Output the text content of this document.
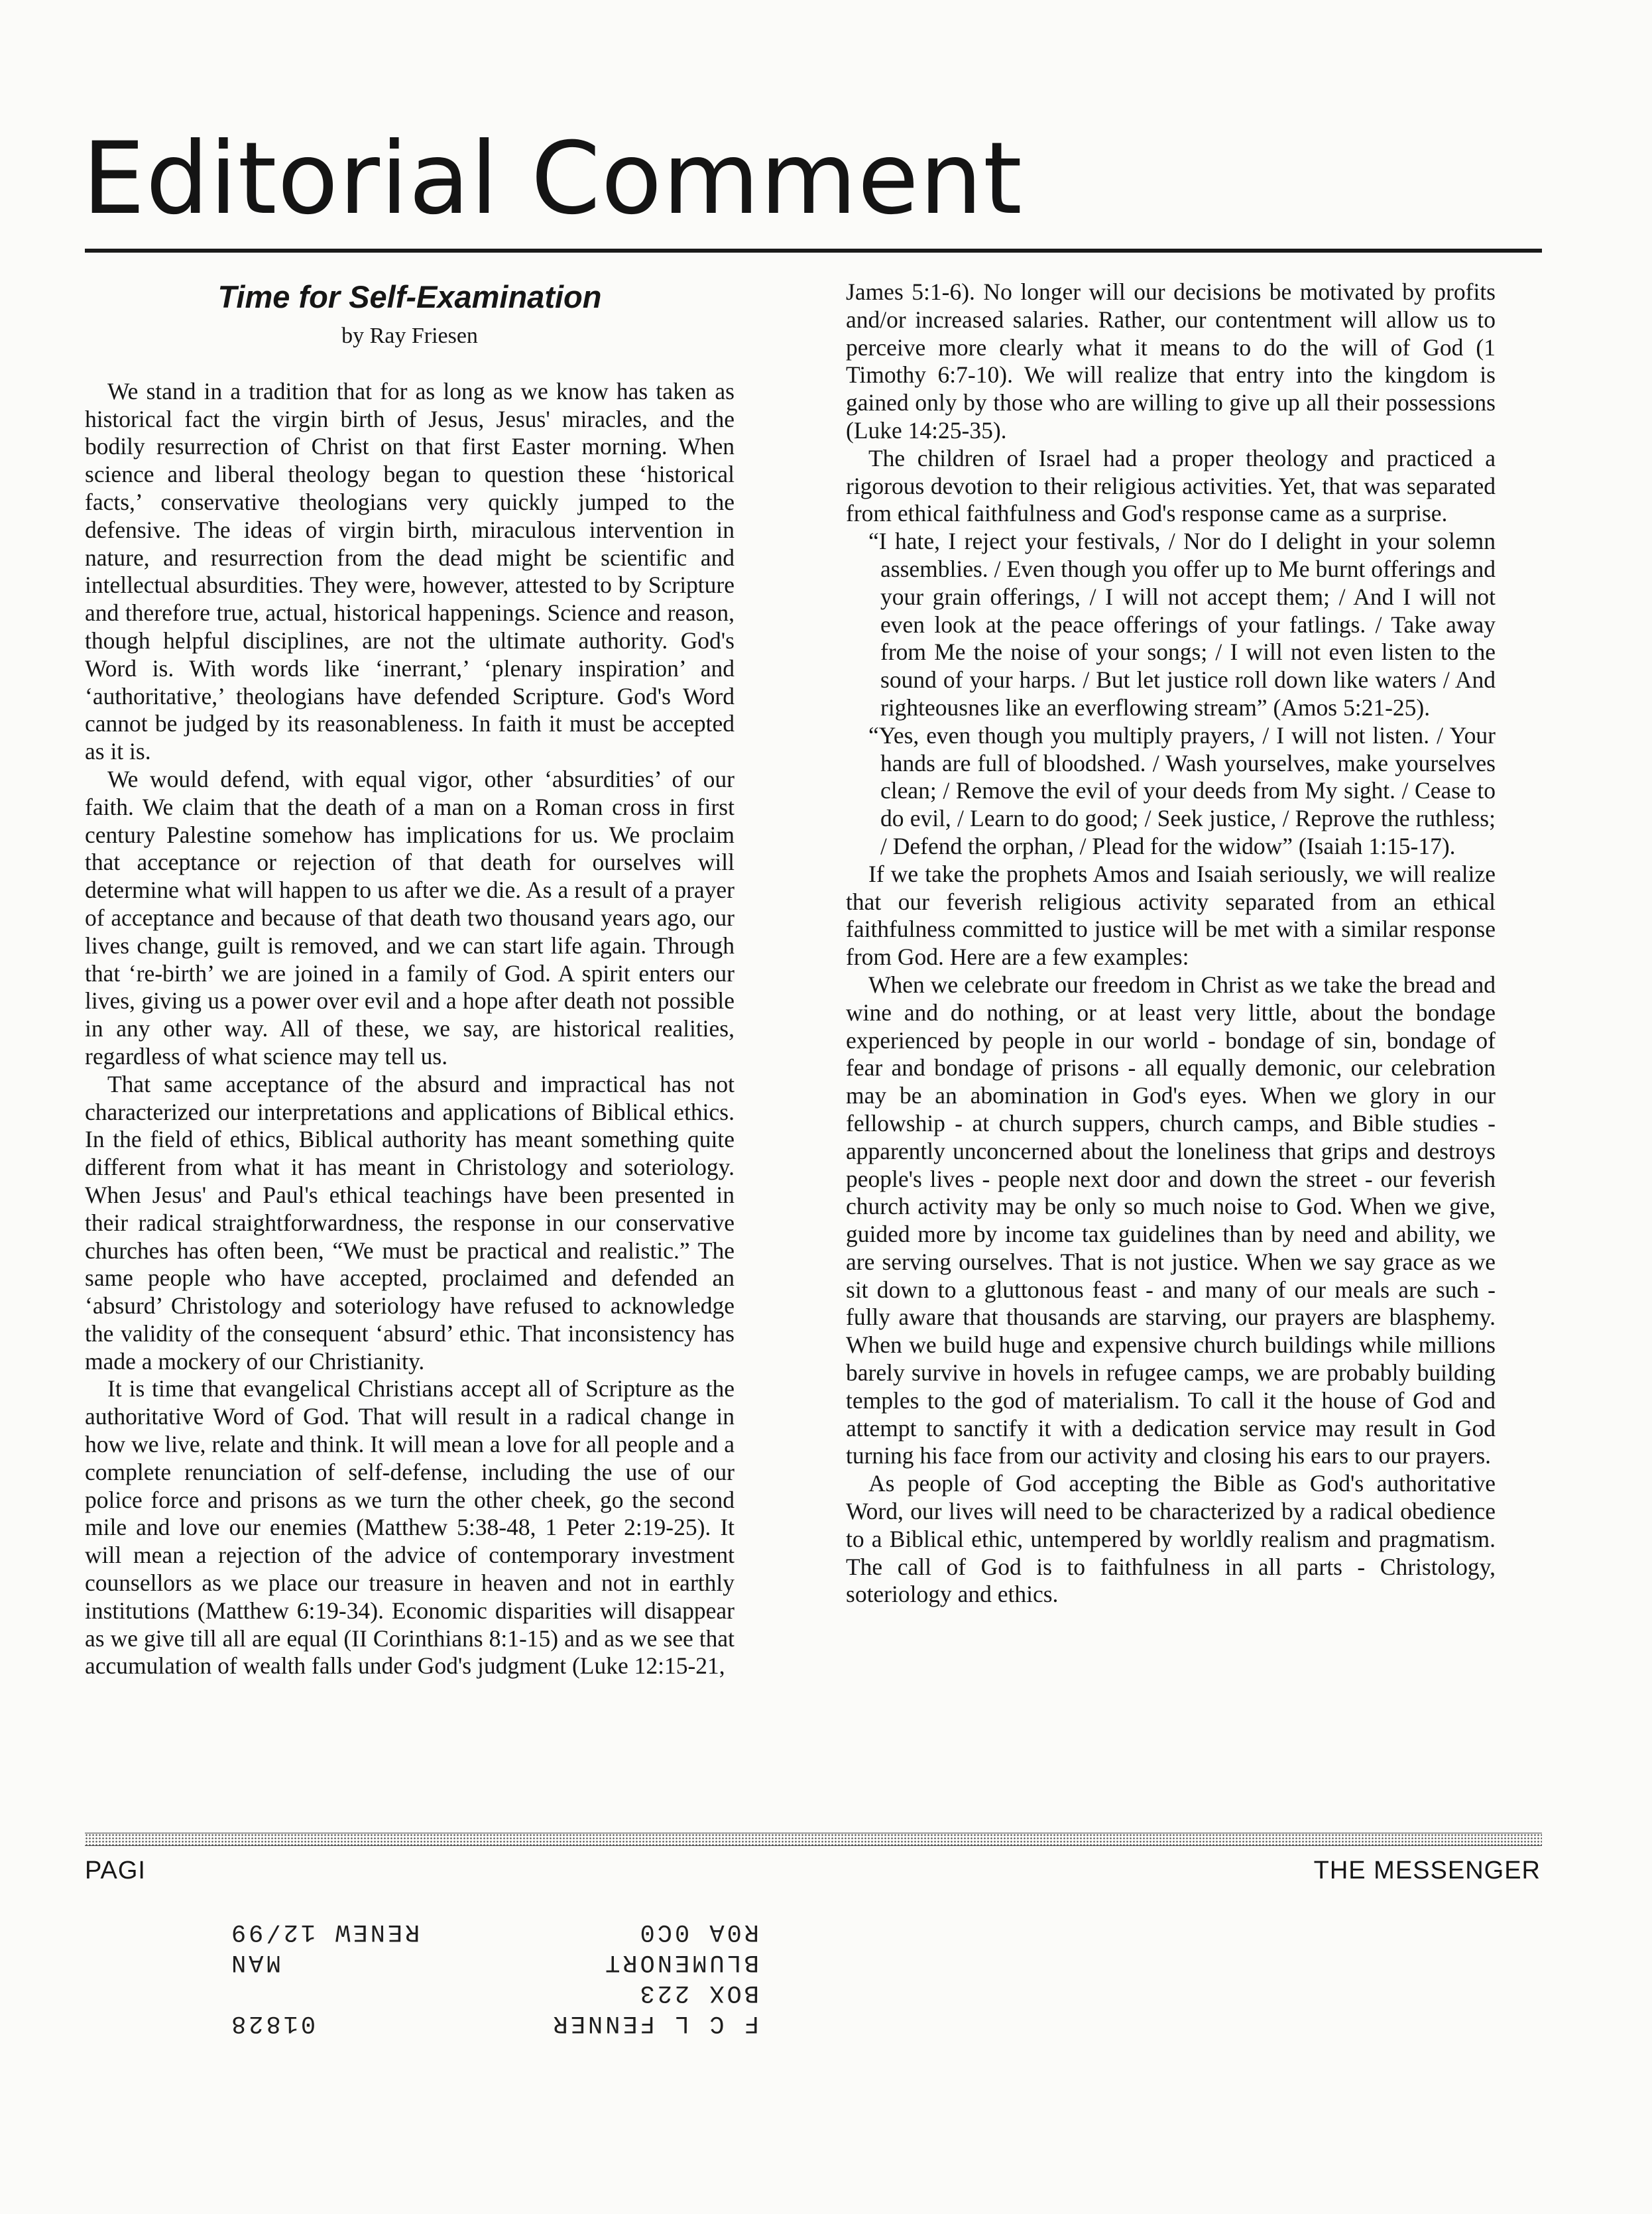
Editorial Comment
Time for Self-Examination
by Ray Friesen

We stand in a tradition that for as long as we know has taken as historical fact the virgin birth of Jesus, Jesus' miracles, and the bodily resurrection of Christ on that first Easter morning. When science and liberal theology began to question these ‘historical facts,’ conservative theologians very quickly jumped to the defensive. The ideas of virgin birth, miraculous intervention in nature, and resurrection from the dead might be scientific and intellectual absurdities. They were, however, attested to by Scripture and therefore true, actual, historical happenings. Science and reason, though helpful disciplines, are not the ultimate authority. God's Word is. With words like ‘inerrant,’ ‘plenary inspiration’ and ‘authoritative,’ theologians have defended Scripture. God's Word cannot be judged by its reasonableness. In faith it must be accepted as it is.

We would defend, with equal vigor, other ‘absurdities’ of our faith. We claim that the death of a man on a Roman cross in first century Palestine somehow has implications for us. We proclaim that acceptance or rejection of that death for ourselves will determine what will happen to us after we die. As a result of a prayer of acceptance and because of that death two thousand years ago, our lives change, guilt is removed, and we can start life again. Through that ‘re-birth’ we are joined in a family of God. A spirit enters our lives, giving us a power over evil and a hope after death not possible in any other way. All of these, we say, are historical realities, regardless of what science may tell us.

That same acceptance of the absurd and impractical has not characterized our interpretations and applications of Biblical ethics. In the field of ethics, Biblical authority has meant something quite different from what it has meant in Christology and soteriology. When Jesus' and Paul's ethical teachings have been presented in their radical straightforwardness, the response in our conservative churches has often been, “We must be practical and realistic.” The same people who have accepted, proclaimed and defended an ‘absurd’ Christology and soteriology have refused to acknowledge the validity of the consequent ‘absurd’ ethic. That inconsistency has made a mockery of our Christianity.

It is time that evangelical Christians accept all of Scripture as the authoritative Word of God. That will result in a radical change in how we live, relate and think. It will mean a love for all people and a complete renunciation of self-defense, including the use of our police force and prisons as we turn the other cheek, go the second mile and love our enemies (Matthew 5:38-48, 1 Peter 2:19-25). It will mean a rejection of the advice of contemporary investment counsellors as we place our treasure in heaven and not in earthly institutions (Matthew 6:19-34). Economic disparities will disappear as we give till all are equal (II Corinthians 8:1-15) and as we see that accumulation of wealth falls under God's judgment (Luke 12:15-21,

James 5:1-6). No longer will our decisions be motivated by profits and/or increased salaries. Rather, our contentment will allow us to perceive more clearly what it means to do the will of God (1 Timothy 6:7-10). We will realize that entry into the kingdom is gained only by those who are willing to give up all their possessions (Luke 14:25-35).

The children of Israel had a proper theology and practiced a rigorous devotion to their religious activities. Yet, that was separated from ethical faithfulness and God's response came as a surprise.

“I hate, I reject your festivals, / Nor do I delight in your solemn assemblies. / Even though you offer up to Me burnt offerings and your grain offerings, / I will not accept them; / And I will not even look at the peace offerings of your fatlings. / Take away from Me the noise of your songs; / I will not even listen to the sound of your harps. / But let justice roll down like waters / And righteousnes like an everflowing stream” (Amos 5:21-25).

“Yes, even though you multiply prayers, / I will not listen. / Your hands are full of bloodshed. / Wash yourselves, make yourselves clean; / Remove the evil of your deeds from My sight. / Cease to do evil, / Learn to do good; / Seek justice, / Reprove the ruthless; / Defend the orphan, / Plead for the widow” (Isaiah 1:15-17).

If we take the prophets Amos and Isaiah seriously, we will realize that our feverish religious activity separated from an ethical faithfulness committed to justice will be met with a similar response from God. Here are a few examples:

When we celebrate our freedom in Christ as we take the bread and wine and do nothing, or at least very little, about the bondage experienced by people in our world - bondage of sin, bondage of fear and bondage of prisons - all equally demonic, our celebration may be an abomination in God's eyes. When we glory in our fellowship - at church suppers, church camps, and Bible studies - apparently unconcerned about the loneliness that grips and destroys people's lives - people next door and down the street - our feverish church activity may be only so much noise to God. When we give, guided more by income tax guidelines than by need and ability, we are serving ourselves. That is not justice. When we say grace as we sit down to a gluttonous feast - and many of our meals are such - fully aware that thousands are starving, our prayers are blasphemy. When we build huge and expensive church buildings while millions barely survive in hovels in refugee camps, we are probably building temples to the god of materialism. To call it the house of God and attempt to sanctify it with a dedication service may result in God turning his face from our activity and closing his ears to our prayers.

As people of God accepting the Bible as God's authoritative Word, our lives will need to be characterized by a radical obedience to a Biblical ethic, untempered by worldly realism and pragmatism. The call of God is to faithfulness in all parts - Christology, soteriology and ethics.

PAGI	THE MESSENGER
F C L FENNER
01828
BOX 223
BLUMENORT
MAN
R0A 0C0
RENEW 12/99
